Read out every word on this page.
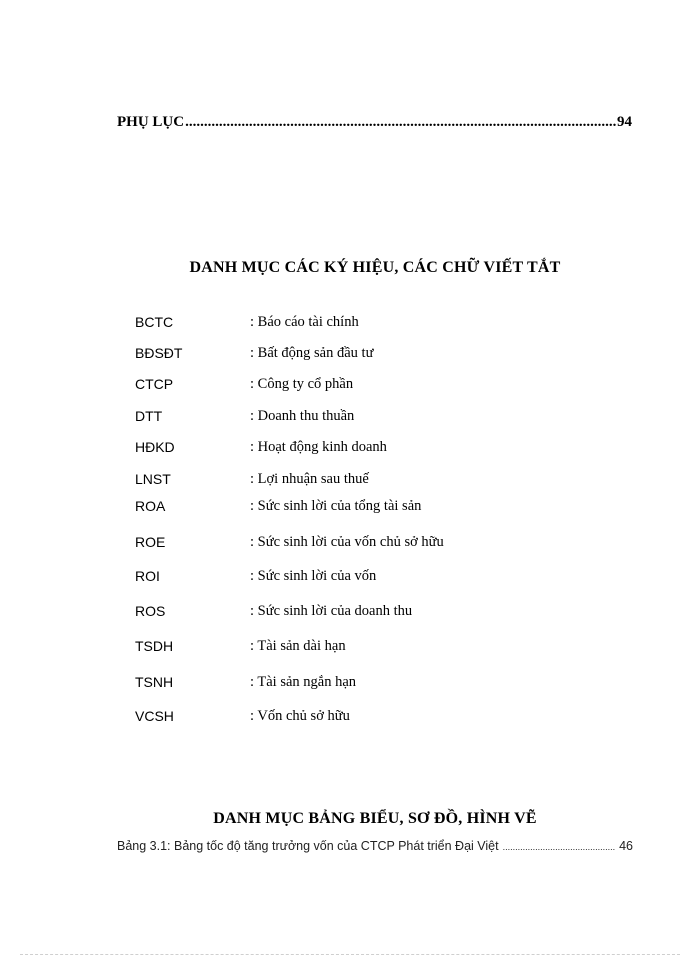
PHỤ LỤC .....	94
DANH MỤC CÁC KÝ HIỆU, CÁC CHỮ VIẾT TẮT
BCTC	: Báo cáo tài chính
BĐSĐT	: Bất động sản đầu tư
CTCP	: Công ty cổ phần
DTT	: Doanh thu thuần
HĐKD	: Hoạt động kinh doanh
LNST	: Lợi nhuận sau thuế
ROA	: Sức sinh lời của tổng tài sản
ROE	: Sức sinh lời của vốn chủ sở hữu
ROI	: Sức sinh lời của vốn
ROS	: Sức sinh lời của doanh thu
TSDH	: Tài sản dài hạn
TSNH	: Tài sản ngắn hạn
VCSH	: Vốn chủ sở hữu
DANH MỤC BẢNG BIỂU, SƠ ĐỒ, HÌNH VẼ
Bảng 3.1: Bảng tốc độ tăng trưởng vốn của CTCP Phát triển Đại Việt .....	46
